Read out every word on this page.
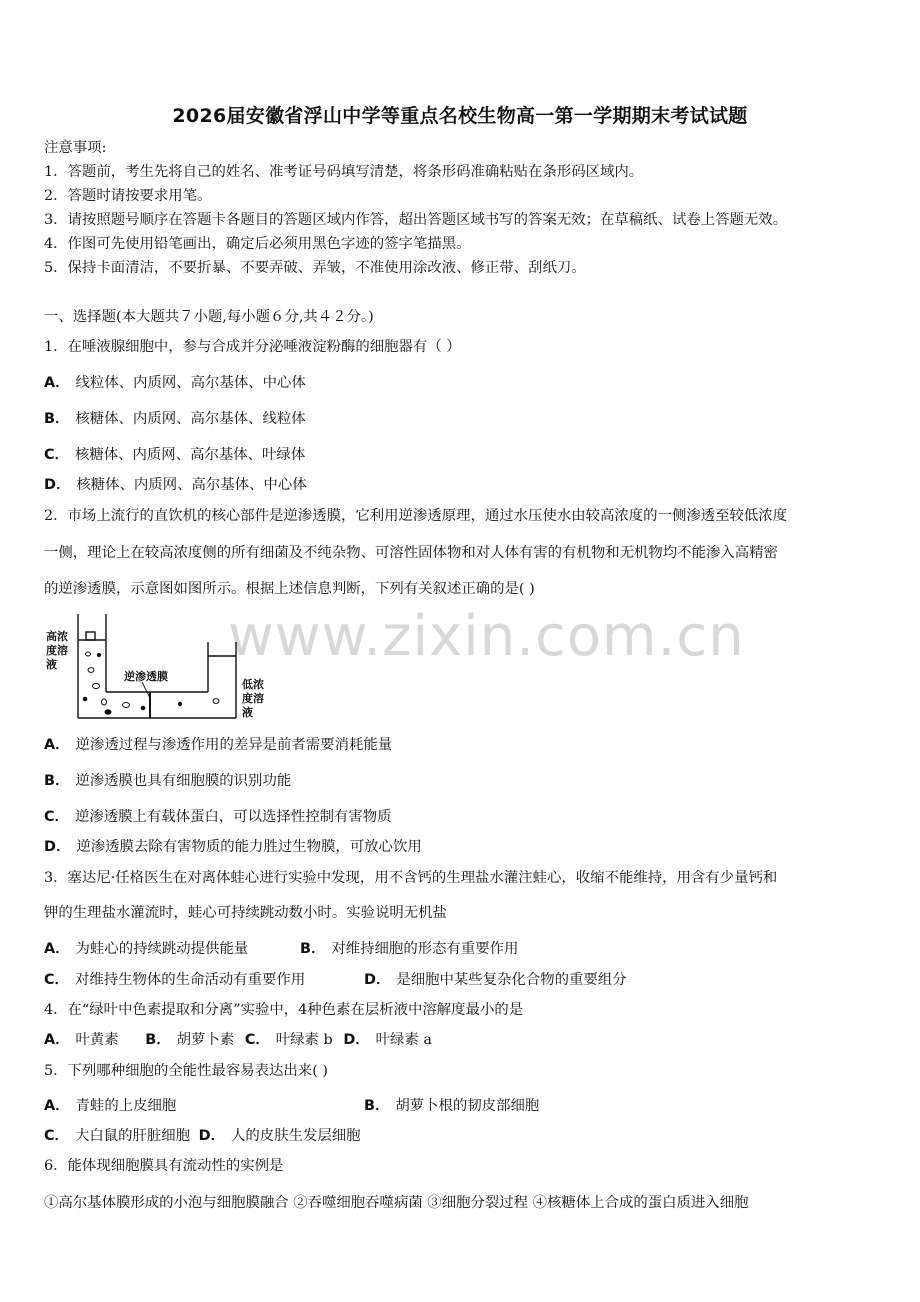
2026届安徽省浮山中学等重点名校生物高一第一学期期末考试试题
注意事项:
1．答题前，考生先将自己的姓名、准考证号码填写清楚，将条形码准确粘贴在条形码区域内。
2．答题时请按要求用笔。
3．请按照题号顺序在答题卡各题目的答题区域内作答，超出答题区域书写的答案无效；在草稿纸、试卷上答题无效。
4．作图可先使用铅笔画出，确定后必须用黑色字迹的签字笔描黑。
5．保持卡面清洁，不要折暴、不要弄破、弄皱，不准使用涂改液、修正带、刮纸刀。
一、选择题(本大题共７小题,每小题６分,共４２分。)
1．在唾液腺细胞中，参与合成并分泌唾液淀粉酶的细胞器有（ ）
A． 线粒体、内质网、高尔基体、中心体
B． 核糖体、内质网、高尔基体、线粒体
C． 核糖体、内质网、高尔基体、叶绿体
D． 核糖体、内质网、高尔基体、中心体
2．市场上流行的直饮机的核心部件是逆渗透膜，它利用逆渗透原理，通过水压使水由较高浓度的一侧渗透至较低浓度
一侧，理论上在较高浓度侧的所有细菌及不纯杂物、可溶性固体物和对人体有害的有机物和无机物均不能渗入高精密
的逆渗透膜，示意图如图所示。根据上述信息判断，下列有关叙述正确的是( )
www.zixin.com.cn
高浓
度溶
液
逆渗透膜
低浓
度溶
液
A． 逆渗透过程与渗透作用的差异是前者需要消耗能量
B． 逆渗透膜也具有细胞膜的识别功能
C． 逆渗透膜上有载体蛋白，可以选择性控制有害物质
D． 逆渗透膜去除有害物质的能力胜过生物膜，可放心饮用
3．塞达尼·任格医生在对离体蛙心进行实验中发现，用不含钙的生理盐水灌注蛙心，收缩不能维持，用含有少量钙和
钾的生理盐水灌流时，蛙心可持续跳动数小时。实验说明无机盐
A． 为蛙心的持续跳动提供能量	B． 对维持细胞的形态有重要作用
C． 对维持生物体的生命活动有重要作用	D． 是细胞中某些复杂化合物的重要组分
4．在“绿叶中色素提取和分离”实验中，4种色素在层析液中溶解度最小的是
A． 叶黄素 B． 胡萝卜素 C． 叶绿素 b D． 叶绿素 a
5．下列哪种细胞的全能性最容易表达出来( )
A． 青蛙的上皮细胞	B． 胡萝卜根的韧皮部细胞
C． 大白鼠的肝脏细胞 D． 人的皮肤生发层细胞
6．能体现细胞膜具有流动性的实例是
①高尔基体膜形成的小泡与细胞膜融合 ②吞噬细胞吞噬病菌 ③细胞分裂过程 ④核糖体上合成的蛋白质进入细胞
